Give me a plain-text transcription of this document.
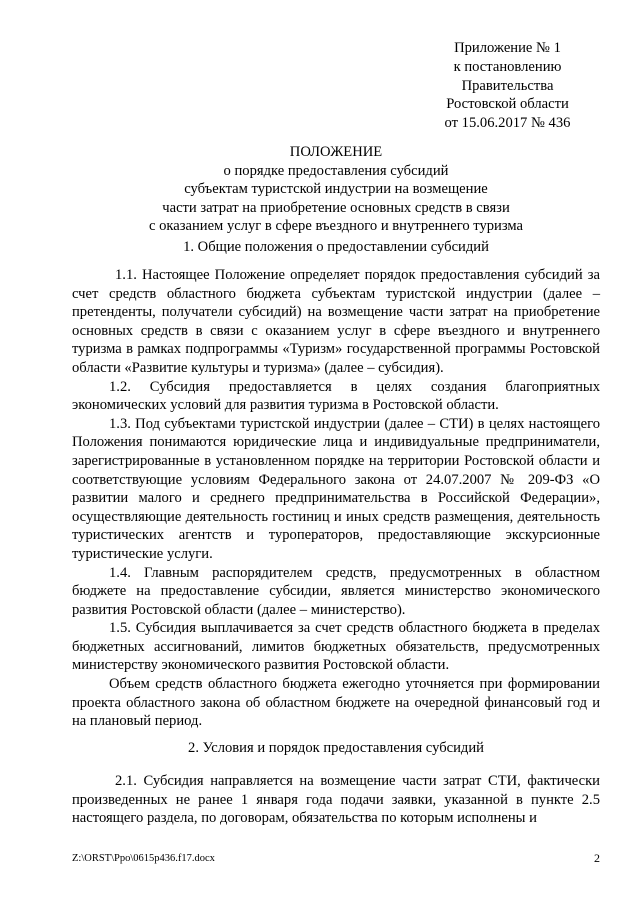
Приложение № 1
к постановлению
Правительства
Ростовской области
от 15.06.2017 № 436
ПОЛОЖЕНИЕ
о порядке предоставления субсидий
субъектам туристской индустрии на возмещение
части затрат на приобретение основных средств в связи
с оказанием услуг в сфере въездного и внутреннего туризма
1. Общие положения о предоставлении субсидий

1.1. Настоящее Положение определяет порядок предоставления субсидий за счет средств областного бюджета субъектам туристской индустрии (далее – претенденты, получатели субсидий) на возмещение части затрат на приобретение основных средств в связи с оказанием услуг в сфере въездного и внутреннего туризма в рамках подпрограммы «Туризм» государственной программы Ростовской области «Развитие культуры и туризма» (далее – субсидия).

1.2. Субсидия предоставляется в целях создания благоприятных экономических условий для развития туризма в Ростовской области.

1.3. Под субъектами туристской индустрии (далее – СТИ) в целях настоящего Положения понимаются юридические лица и индивидуальные предприниматели, зарегистрированные в установленном порядке на территории Ростовской области и соответствующие условиям Федерального закона от 24.07.2007 № 209-ФЗ «О развитии малого и среднего предпринимательства в Российской Федерации», осуществляющие деятельность гостиниц и иных средств размещения, деятельность туристических агентств и туроператоров, предоставляющие экскурсионные туристические услуги.

1.4. Главным распорядителем средств, предусмотренных в областном бюджете на предоставление субсидии, является министерство экономического развития Ростовской области (далее – министерство).

1.5. Субсидия выплачивается за счет средств областного бюджета в пределах бюджетных ассигнований, лимитов бюджетных обязательств, предусмотренных министерству экономического развития Ростовской области.

Объем средств областного бюджета ежегодно уточняется при формировании проекта областного закона об областном бюджете на очередной финансовый год и на плановый период.

2. Условия и порядок предоставления субсидий

2.1. Субсидия направляется на возмещение части затрат СТИ, фактически произведенных не ранее 1 января года подачи заявки, указанной в пункте 2.5 настоящего раздела, по договорам, обязательства по которым исполнены и

Z:\ORST\Ppo\0615p436.f17.docx	2
